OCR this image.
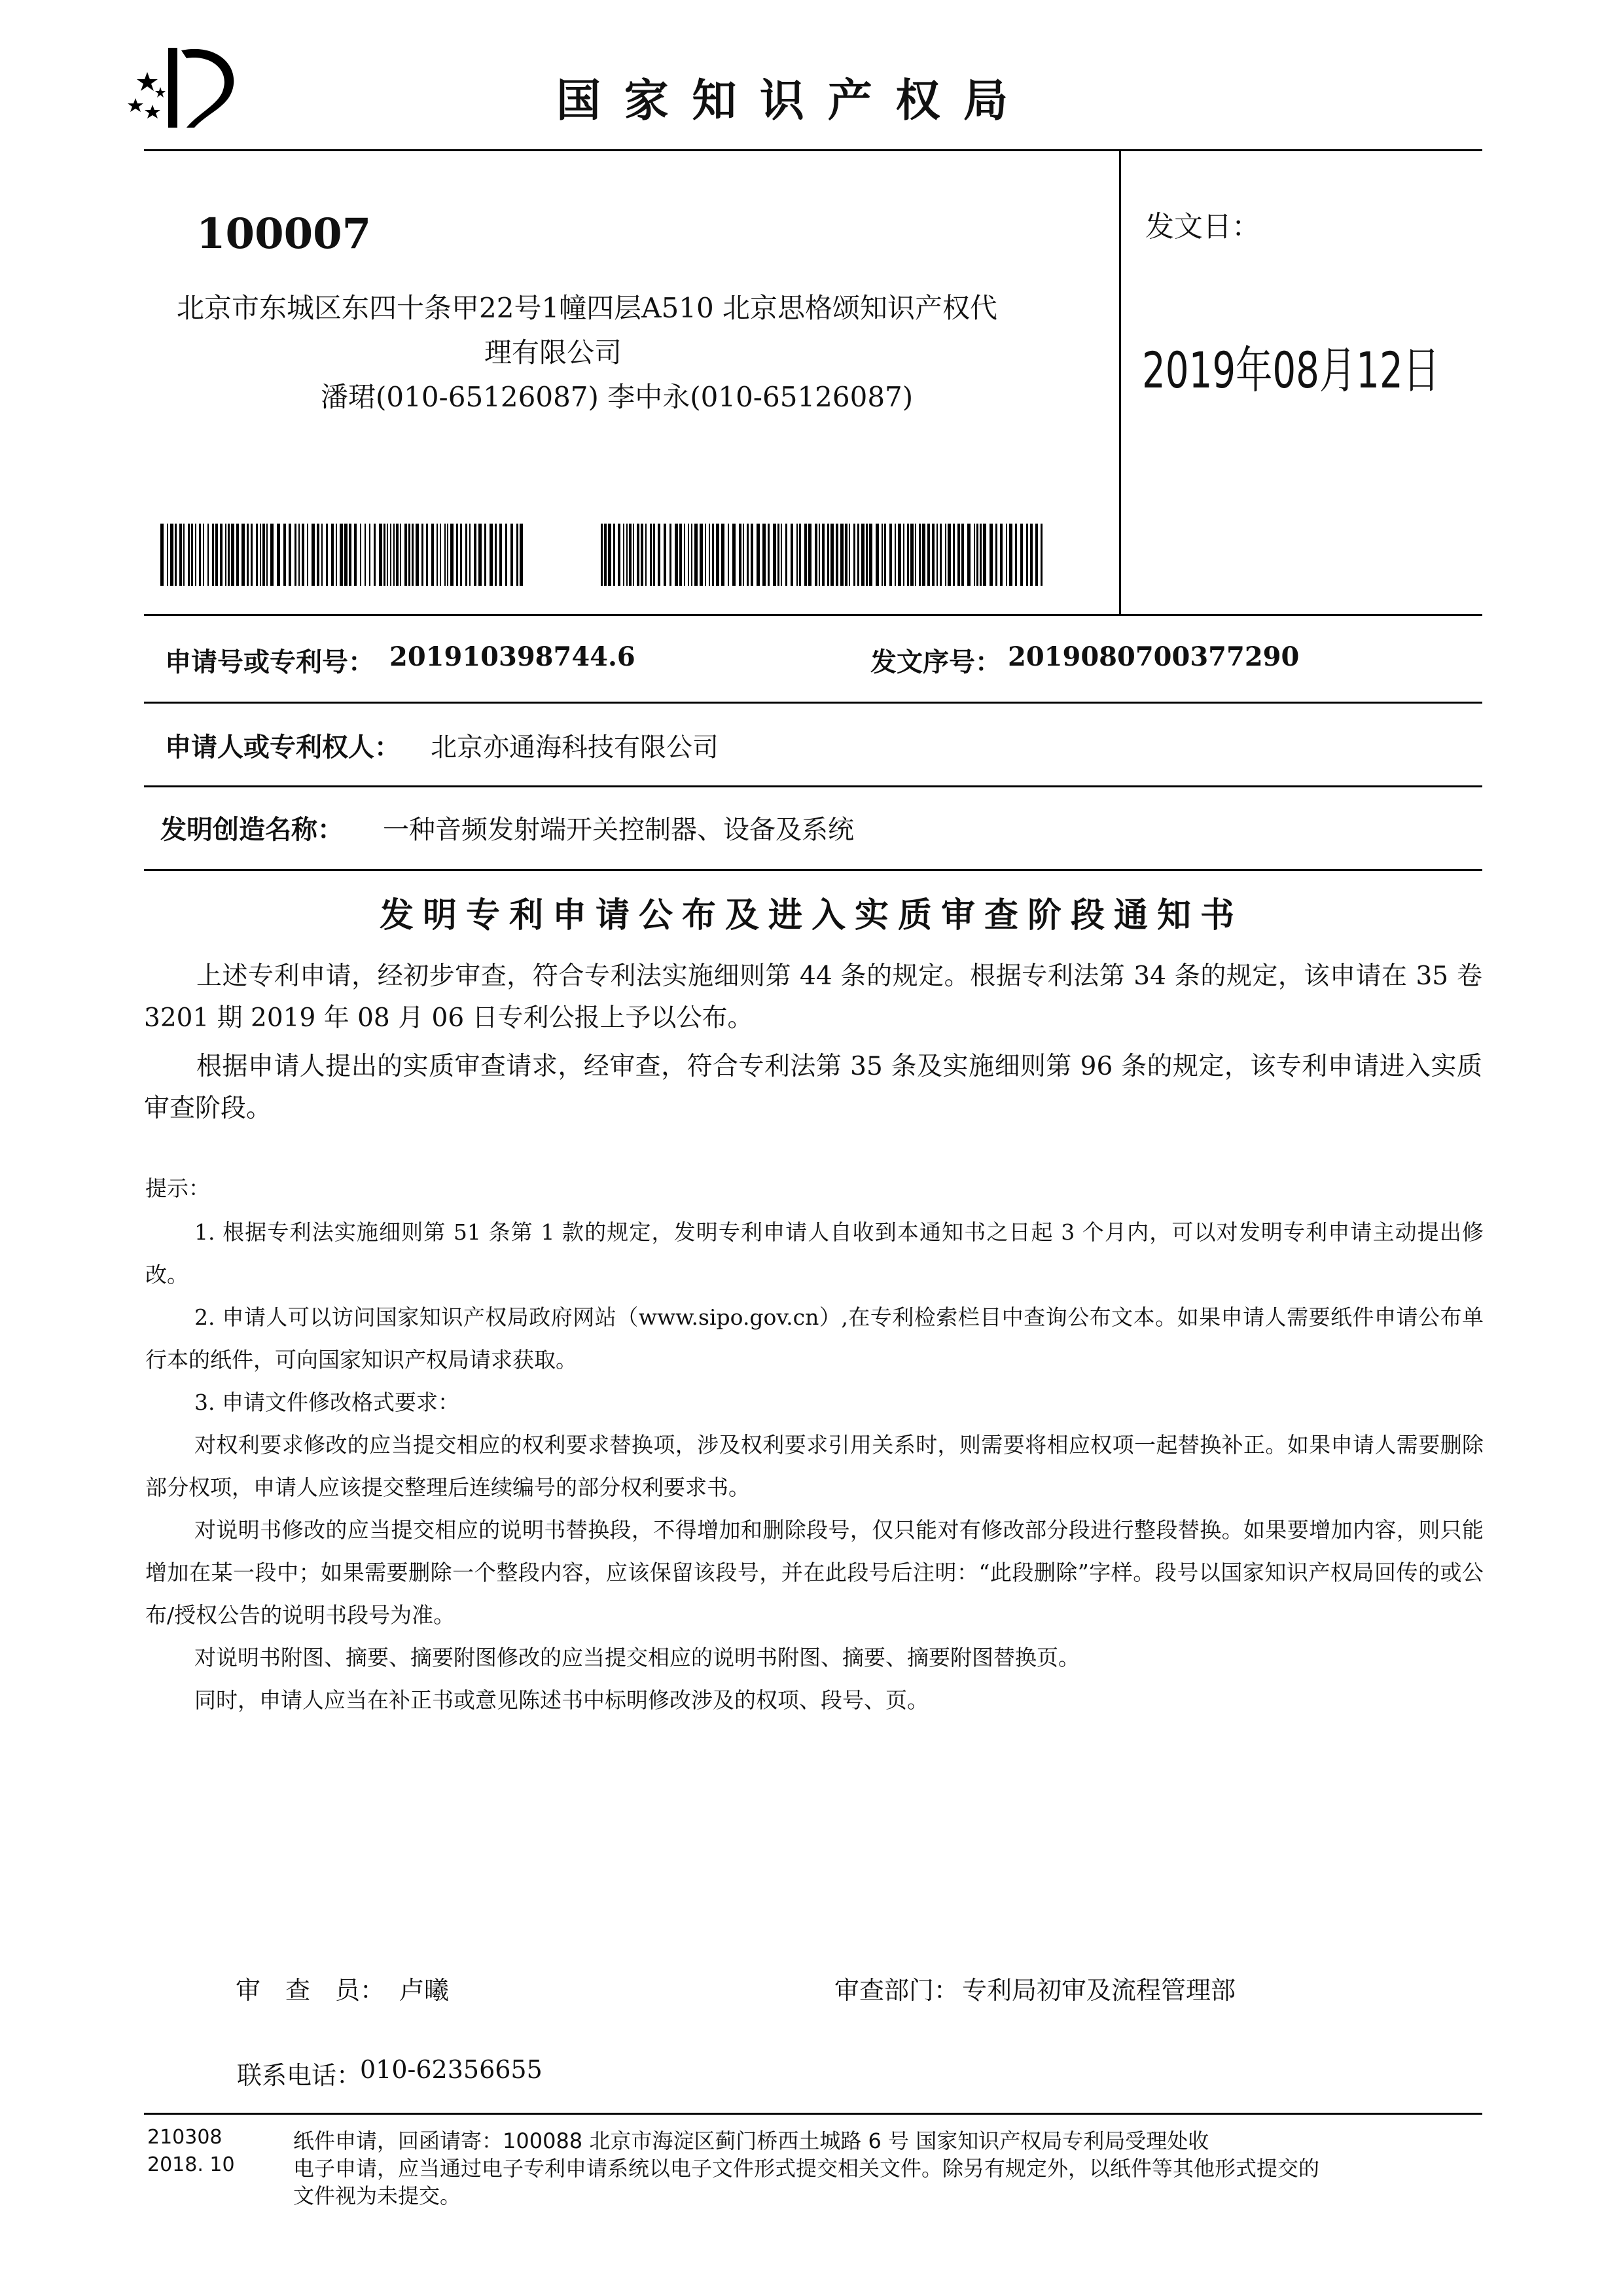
国 家 知 识 产 权 局
100007
北京市东城区东四十条甲22号1幢四层A510 北京思格颂知识产权代
理有限公司
潘珺(010-65126087) 李中永(010-65126087)
发文日：
2019年08月12日
申请号或专利号： 201910398744.6	发文序号： 2019080700377290
申请人或专利权人： 北京亦通海科技有限公司
发明创造名称： 一种音频发射端开关控制器、设备及系统
发明专利申请公布及进入实质审查阶段通知书

上述专利申请，经初步审查，符合专利法实施细则第 44 条的规定。根据专利法第 34 条的规定，该申请在 35 卷 3201 期 2019 年 08 月 06 日专利公报上予以公布。

根据申请人提出的实质审查请求，经审查，符合专利法第 35 条及实施细则第 96 条的规定，该专利申请进入实质审查阶段。

提示：

1. 根据专利法实施细则第 51 条第 1 款的规定，发明专利申请人自收到本通知书之日起 3 个月内，可以对发明专利申请主动提出修改。

2. 申请人可以访问国家知识产权局政府网站（www.sipo.gov.cn）,在专利检索栏目中查询公布文本。如果申请人需要纸件申请公布单行本的纸件，可向国家知识产权局请求获取。

3. 申请文件修改格式要求：

对权利要求修改的应当提交相应的权利要求替换项，涉及权利要求引用关系时，则需要将相应权项一起替换补正。如果申请人需要删除部分权项，申请人应该提交整理后连续编号的部分权利要求书。

对说明书修改的应当提交相应的说明书替换段，不得增加和删除段号，仅只能对有修改部分段进行整段替换。如果要增加内容，则只能增加在某一段中；如果需要删除一个整段内容，应该保留该段号，并在此段号后注明：“此段删除”字样。段号以国家知识产权局回传的或公布/授权公告的说明书段号为准。

对说明书附图、摘要、摘要附图修改的应当提交相应的说明书附图、摘要、摘要附图替换页。

同时，申请人应当在补正书或意见陈述书中标明修改涉及的权项、段号、页。

审　查　员： 卢曦	审查部门： 专利局初审及流程管理部
联系电话：
010-62356655
210308
2018. 10
纸件申请，回函请寄：100088 北京市海淀区蓟门桥西土城路 6 号 国家知识产权局专利局受理处收
电子申请，应当通过电子专利申请系统以电子文件形式提交相关文件。除另有规定外，以纸件等其他形式提交的
文件视为未提交。
